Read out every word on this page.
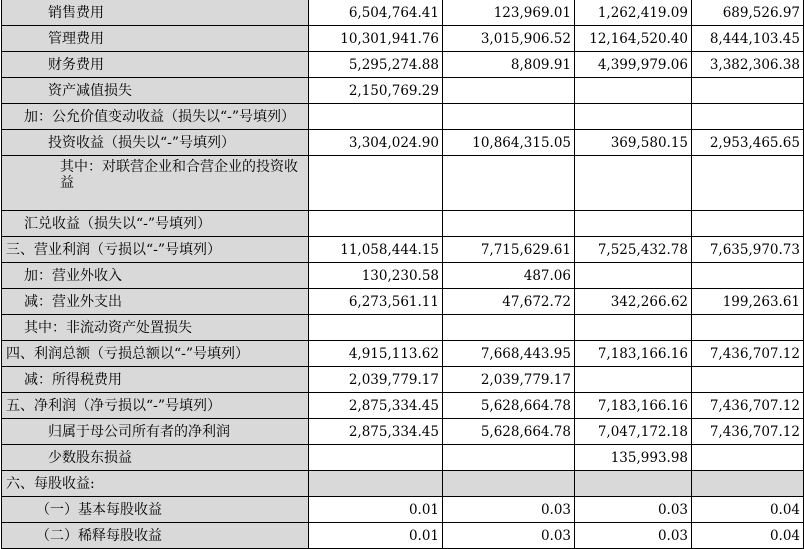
销售费用	6,504,764.41	123,969.01	1,262,419.09	689,526.97
管理费用	10,301,941.76	3,015,906.52	12,164,520.40	8,444,103.45
财务费用	5,295,274.88	8,809.91	4,399,979.06	3,382,306.38
资产减值损失	2,150,769.29			
加：公允价值变动收益（损失以“-”号填列）				
投资收益（损失以“-”号填列）	3,304,024.90	10,864,315.05	369,580.15	2,953,465.65
其中：对联营企业和合营企业的投资收益				
汇兑收益（损失以“-”号填列）				
三、营业利润（亏损以“-”号填列）	11,058,444.15	7,715,629.61	7,525,432.78	7,635,970.73
加：营业外收入	130,230.58	487.06		
减：营业外支出	6,273,561.11	47,672.72	342,266.62	199,263.61
其中：非流动资产处置损失				
四、利润总额（亏损总额以“-”号填列）	4,915,113.62	7,668,443.95	7,183,166.16	7,436,707.12
减：所得税费用	2,039,779.17	2,039,779.17		
五、净利润（净亏损以“-”号填列）	2,875,334.45	5,628,664.78	7,183,166.16	7,436,707.12
归属于母公司所有者的净利润	2,875,334.45	5,628,664.78	7,047,172.18	7,436,707.12
少数股东损益			135,993.98	
六、每股收益:				
（一）基本每股收益	0.01	0.03	0.03	0.04
（二）稀释每股收益	0.01	0.03	0.03	0.04
